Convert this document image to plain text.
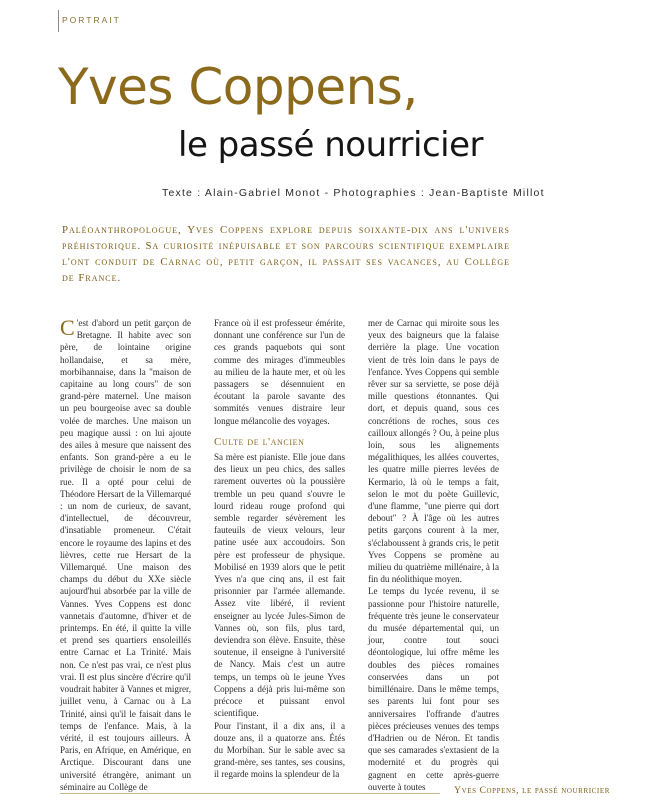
PORTRAIT
Yves Coppens,
le passé nourricier
Texte : Alain-Gabriel Monot - Photographies : Jean-Baptiste Millot
Paléoanthropologue, Yves Coppens explore depuis soixante-dix ans l'univers préhistorique. Sa curiosité inépuisable et son parcours scientifique exemplaire l'ont conduit de Carnac où, petit garçon, il passait ses vacances, au Collège de France.
C 'est d'abord un petit garçon de Bretagne. Il habite avec son père, de lointaine origine hollandaise, et sa mère, morbihannaise, dans la "maison de capitaine au long cours" de son grand-père maternel. Une maison un peu bourgeoise avec sa double volée de marches. Une maison un peu magique aussi : on lui ajoute des ailes à mesure que naissent des enfants. Son grand-père a eu le privilège de choisir le nom de sa rue. Il a opté pour celui de Théodore Hersart de la Villemarqué : un nom de curieux, de savant, d'intellectuel, de découvreur, d'insatiable promeneur. C'était encore le royaume des lapins et des lièvres, cette rue Hersart de la Villemarqué. Une maison des champs du début du XXe siècle aujourd'hui absorbée par la ville de Vannes. Yves Coppens est donc vannetais d'automne, d'hiver et de printemps. En été, il quitte la ville et prend ses quartiers ensoleillés entre Carnac et La Trinité. Mais non. Ce n'est pas vrai, ce n'est plus vrai. Il est plus sincère d'écrire qu'il voudrait habiter à Vannes et migrer, juillet venu, à Carnac ou à La Trinité, ainsi qu'il le faisait dans le temps de l'enfance. Mais, à la vérité, il est toujours ailleurs. À Paris, en Afrique, en Amérique, en Arctique. Discourant dans une université étrangère, animant un séminaire au Collège de

France où il est professeur émérite, donnant une conférence sur l'un de ces grands paquebots qui sont comme des mirages d'immeubles au milieu de la haute mer, et où les passagers se désennuient en écoutant la parole savante des sommités venues distraire leur longue mélancolie des voyages.

Culte de l'ancien

Sa mère est pianiste. Elle joue dans des lieux un peu chics, des salles rarement ouvertes où la poussière tremble un peu quand s'ouvre le lourd rideau rouge profond qui semble regarder sévèrement les fauteuils de vieux velours, leur patine usée aux accoudoirs. Son père est professeur de physique. Mobilisé en 1939 alors que le petit Yves n'a que cinq ans, il est fait prisonnier par l'armée allemande. Assez vite libéré, il revient enseigner au lycée Jules-Simon de Vannes où, son fils, plus tard, deviendra son élève. Ensuite, thèse soutenue, il enseigne à l'université de Nancy. Mais c'est un autre temps, un temps où le jeune Yves Coppens a déjà pris lui-même son précoce et puissant envol scientifique.

Pour l'instant, il a dix ans, il a douze ans, il a quatorze ans. Étés du Morbihan. Sur le sable avec sa grand-mère, ses tantes, ses cousins, il regarde moins la splendeur de la

mer de Carnac qui miroite sous les yeux des baigneurs que la falaise derrière la plage. Une vocation vient de très loin dans le pays de l'enfance. Yves Coppens qui semble rêver sur sa serviette, se pose déjà mille questions étonnantes. Qui dort, et depuis quand, sous ces concrétions de roches, sous ces cailloux allongés ? Ou, à peine plus loin, sous les alignements mégalithiques, les allées couvertes, les quatre mille pierres levées de Kermario, là où le temps a fait, selon le mot du poète Guillevic, d'une flamme, "une pierre qui dort debout" ? À l'âge où les autres petits garçons courent à la mer, s'éclaboussent à grands cris, le petit Yves Coppens se promène au milieu du quatrième millénaire, à la fin du néolithique moyen.

Le temps du lycée revenu, il se passionne pour l'histoire naturelle, fréquente très jeune le conservateur du musée départemental qui, un jour, contre tout souci déontologique, lui offre même les doubles des pièces romaines conservées dans un pot bimillénaire. Dans le même temps, ses parents lui font pour ses anniversaires l'offrande d'autres pièces précieuses venues des temps d'Hadrien ou de Néron. Et tandis que ses camarades s'extasient de la modernité et du progrès qui gagnent en cette après-guerre ouverte à toutes	Yves Coppens, le passé nourricier
